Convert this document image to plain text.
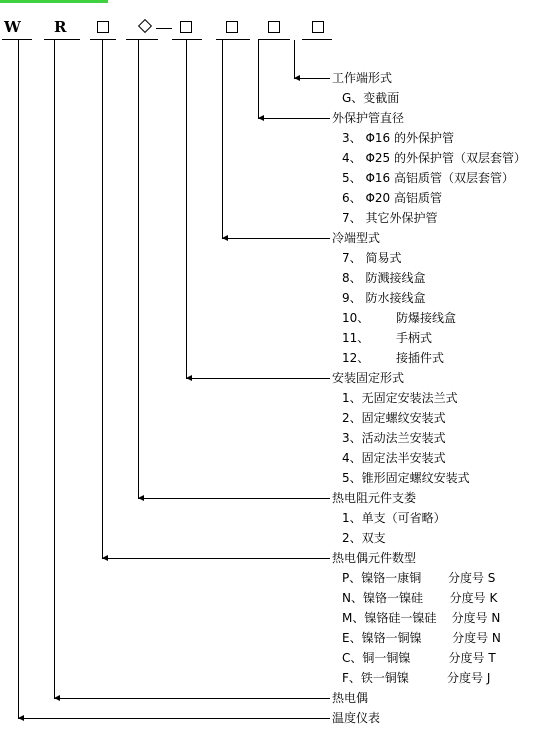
W R
工作端形式
G、变截面
外保护管直径
3、 Φ16 的外保护管
4、 Φ25 的外保护管（双层套管）
5、 Φ16 高铝质管（双层套管）
6、 Φ20 高铝质管
7、 其它外保护管
冷端型式
7、 简易式
8、 防溅接线盒
9、 防水接线盒
10、       防爆接线盒
11、       手柄式
12、       接插件式
安装固定形式
1、无固定安装法兰式
2、固定螺纹安装式
3、活动法兰安装式
4、固定法半安装式
5、锥形固定螺纹安装式
热电阻元件支娄
1、单支（可省略）
2、双支
热电偶元件数型
P、镍铬一康铜       分度号 S
N、镍铬一镍硅       分度号 K
M、镍铬硅一镍硅    分度号 N
E、镍铬一铜镍        分度号 N
C、铜一铜镍          分度号 T
F、铁一铜镍          分度号 J
热电偶
温度仪表
